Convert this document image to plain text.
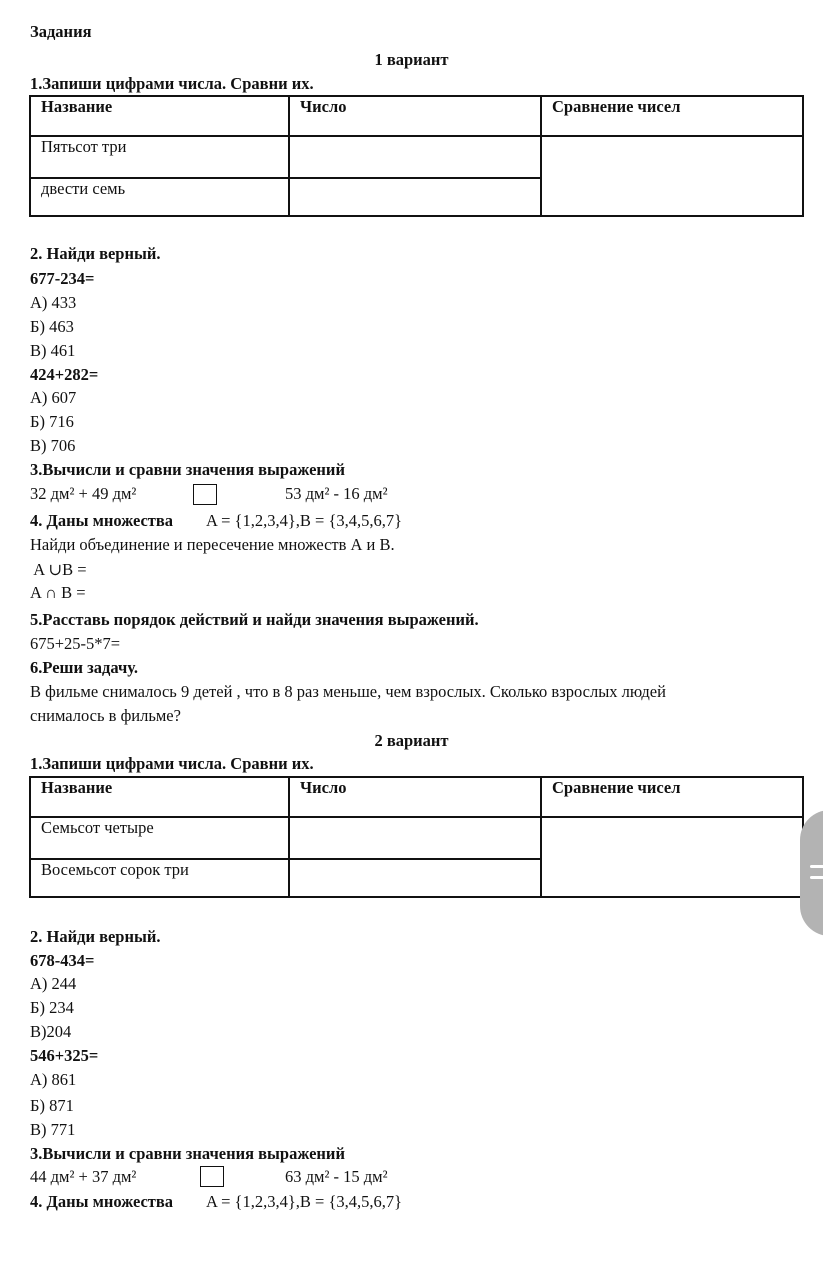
Задания
1 вариант
1.Запиши цифрами числа. Сравни их.
Название	Число	Сравнение чисел
Пятьсот три		
двести семь		
2. Найди верный.
677-234=
А) 433
Б) 463
В) 461
424+282=
А) 607
Б) 716
В) 706
3.Вычисли и сравни значения выражений
32 дм² + 49 дм²	53 дм² - 16 дм²
4. Даны множества A = {1,2,3,4},B = {3,4,5,6,7}
Найди объединение и пересечение множеств А и В.
A ∪B =
A ∩ B =
5.Расставь порядок действий и найди значения выражений.
675+25-5*7=
6.Реши задачу.
В фильме снималось 9 детей , что в 8 раз меньше, чем взрослых. Сколько взрослых людей
снималось в фильме?
2 вариант
1.Запиши цифрами числа. Сравни их.
Название	Число	Сравнение чисел
Семьсот четыре		
Восемьсот сорок три		
2. Найди верный.
678-434=
А) 244
Б) 234
В)204
546+325=
А) 861
Б) 871
В) 771
3.Вычисли и сравни значения выражений
44 дм² + 37 дм²	63 дм² - 15 дм²
4. Даны множества A = {1,2,3,4},B = {3,4,5,6,7}
